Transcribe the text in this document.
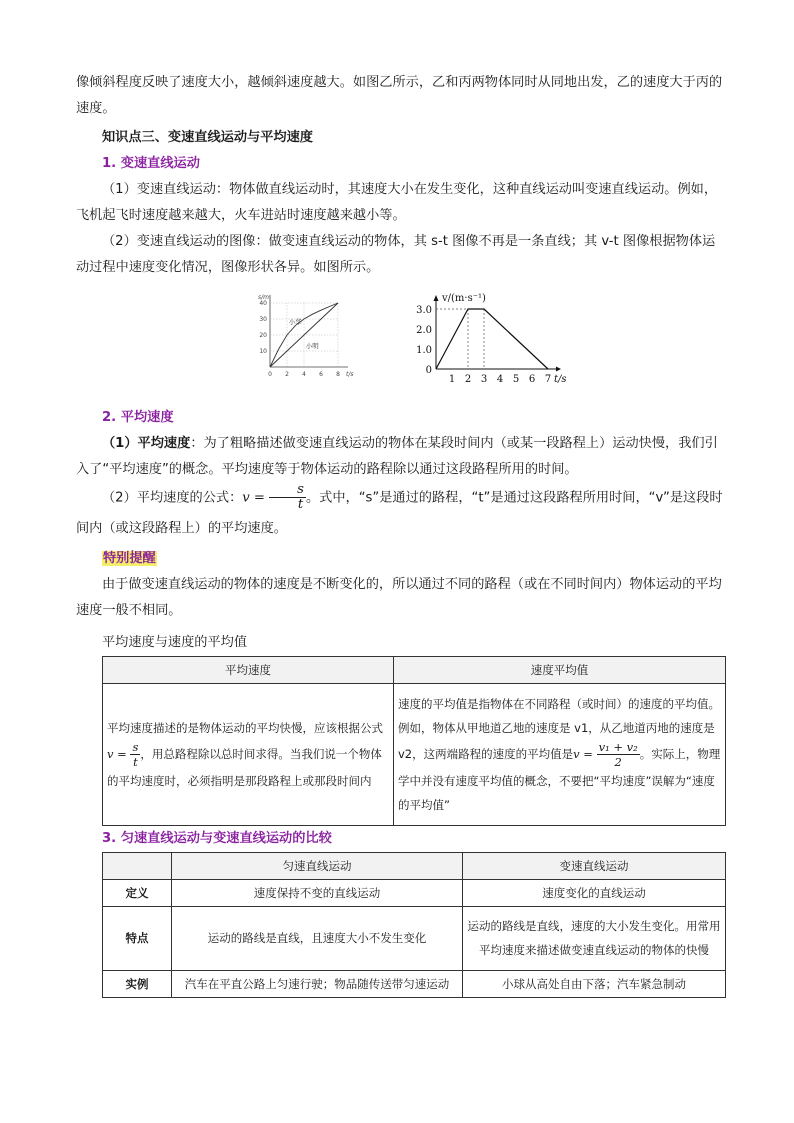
像倾斜程度反映了速度大小，越倾斜速度越大。如图乙所示，乙和丙两物体同时从同地出发，乙的速度大于丙的速度。

知识点三、变速直线运动与平均速度

1. 变速直线运动

（1）变速直线运动：物体做直线运动时，其速度大小在发生变化，这种直线运动叫变速直线运动。例如，飞机起飞时速度越来越大，火车进站时速度越来越小等。

（2）变速直线运动的图像：做变速直线运动的物体，其 s-t 图像不再是一条直线；其 v-t 图像根据物体运动过程中速度变化情况，图像形状各异。如图所示。

s/m
t/s
0 2 4 6 8
10
20
30
40
小华
小明
v/(m·s⁻¹)
t/s
1 2 3 4 5 6 7
0
1.0
2.0
3.0

2. 平均速度

（1）平均速度：为了粗略描述做变速直线运动的物体在某段时间内（或某一段路程上）运动快慢，我们引入了“平均速度”的概念。平均速度等于物体运动的路程除以通过这段路程所用的时间。

（2）平均速度的公式：$v = \frac{s}{t}$ 。式中，“s”是通过的路程，“t”是通过这段路程所用时间，“v”是这段时间内（或这段路程上）的平均速度。

特别提醒

由于做变速直线运动的物体的速度是不断变化的，所以通过不同的路程（或在不同时间内）物体运动的平均速度一般不相同。

平均速度与速度的平均值

平均速度	速度平均值
平均速度描述的是物体运动的平均快慢，应该根据公式$v = \frac{s}{t}$ ，用总路程除以总时间求得。当我们说一个物体的平均速度时，必须指明是那段路程上或那段时间内	速度的平均值是指物体在不同路程（或时间）的速度的平均值。例如，物体从甲地道乙地的速度是 v1，从乙地道丙地的速度是 v2，这两端路程的速度的平均值是$v = \frac{\text{v₁ + v₂}}{2}$ 。实际上，物理学中并没有速度平均值的概念，不要把“平均速度”误解为“速度的平均值”

3. 匀速直线运动与变速直线运动的比较

	匀速直线运动	变速直线运动
定义	速度保持不变的直线运动	速度变化的直线运动
特点	运动的路线是直线，且速度大小不发生变化	运动的路线是直线，速度的大小发生变化。用常用平均速度来描述做变速直线运动的物体的快慢
实例	汽车在平直公路上匀速行驶；物品随传送带匀速运动	小球从高处自由下落；汽车紧急制动
